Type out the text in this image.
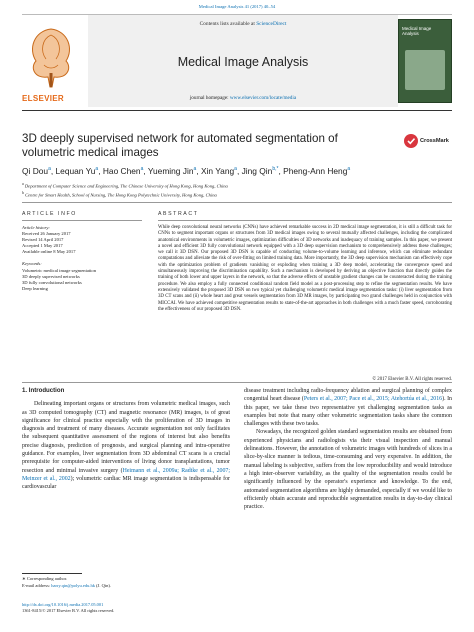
Medical Image Analysis 41 (2017) 40–54
ELSEVIER
Contents lists available at ScienceDirect
Medical Image Analysis
journal homepage: www.elsevier.com/locate/media
Medical Image Analysis
3D deeply supervised network for automated segmentation of
volumetric medical images
CrossMark
Qi Dou$^a$, Lequan Yu$^a$, Hao Chen$^a$, Yueming Jin$^a$, Xin Yang$^a$, Jing Qin$^{b,*}$, Pheng-Ann Heng$^a$
$^a$ Department of Computer Science and Engineering, The Chinese University of Hong Kong, Hong Kong, China
$^b$ Centre for Smart Health, School of Nursing, The Hong Kong Polytechnic University, Hong Kong, China
ARTICLE INFO	ABSTRACT
Article history:
Received 26 January 2017
Revised 14 April 2017
Accepted 1 May 2017
Available online 8 May 2017
Keywords:
Volumetric medical image segmentation
3D deeply supervised networks
3D fully convolutional networks
Deep learning
While deep convolutional neural networks (CNNs) have achieved remarkable success in 2D medical image segmentation, it is still a difficult task for CNNs to segment important organs or structures from 3D medical images owing to several mutually affected challenges, including the complicated anatomical environments in volumetric images, optimization difficulties of 3D networks and inadequacy of training samples. In this paper, we present a novel and efficient 3D fully convolutional network equipped with a 3D deep supervision mechanism to comprehensively address these challenges; we call it 3D DSN. Our proposed 3D DSN is capable of conducting volume-to-volume learning and inference, which can eliminate redundant computations and alleviate the risk of over-fitting on limited training data. More importantly, the 3D deep supervision mechanism can effectively cope with the optimization problem of gradients vanishing or exploding when training a 3D deep model, accelerating the convergence speed and simultaneously improving the discrimination capability. Such a mechanism is developed by deriving an objective function that directly guides the training of both lower and upper layers in the network, so that the adverse effects of unstable gradient changes can be counteracted during the training procedure. We also employ a fully connected conditional random field model as a post-processing step to refine the segmentation results. We have extensively validated the proposed 3D DSN on two typical yet challenging volumetric medical image segmentation tasks: (i) liver segmentation from 3D CT scans and (ii) whole heart and great vessels segmentation from 3D MR images, by participating two grand challenges held in conjunction with MICCAI. We have achieved competitive segmentation results to state-of-the-art approaches in both challenges with a much faster speed, corroborating the effectiveness of our proposed 3D DSN.
© 2017 Elsevier B.V. All rights reserved.
1. Introduction

Delineating important organs or structures from volumetric medical images, such as 3D computed tomography (CT) and magnetic resonance (MR) images, is of great significance for clinical practice especially with the proliferation of 3D images in diagnosis and treatment of many diseases. Accurate segmentation not only facilitates the subsequent quantitative assessment of the regions of interest but also benefits precise diagnosis, prediction of prognosis, and surgical planning and intra-operative guidance. For examples, liver segmentation from 3D abdominal CT scans is a crucial prerequisite for computer-aided interventions of living donor transplantations, tumor resection and minimal invasive surgery (Heimann et al., 2009a; Radtke et al., 2007; Meinzer et al., 2002); volumetric cardiac MR image segmentation is indispensable for cardiovascular

disease treatment including radio-frequency ablation and surgical planning of complex congenital heart disease (Peters et al., 2007; Pace et al., 2015; Atehortúa et al., 2016). In this paper, we take these two representative yet challenging segmentation tasks as examples but note that many other volumetric segmentation tasks share the common challenges with these two tasks.

Nowadays, the recognized golden standard segmentation results are obtained from experienced physicians and radiologists via their visual inspection and manual delineations. However, the annotation of volumetric images with hundreds of slices in a slice-by-slice manner is tedious, time-consuming and very expensive. In addition, the manual labeling is subjective, suffers from the low reproducibility and would introduce a high inter-observer variability, as the quality of the segmentation results could be significantly influenced by the operator's experience and knowledge. To the end, automated segmentation algorithms are highly demanded, especially if we would like to efficiently obtain accurate and reproducible segmentation results in day-to-day clinical practice.

∗ Corresponding author.
E-mail address: harry.qin@polyu.edu.hk (J. Qin).
http://dx.doi.org/10.1016/j.media.2017.05.001
1361-8415/© 2017 Elsevier B.V. All rights reserved.
